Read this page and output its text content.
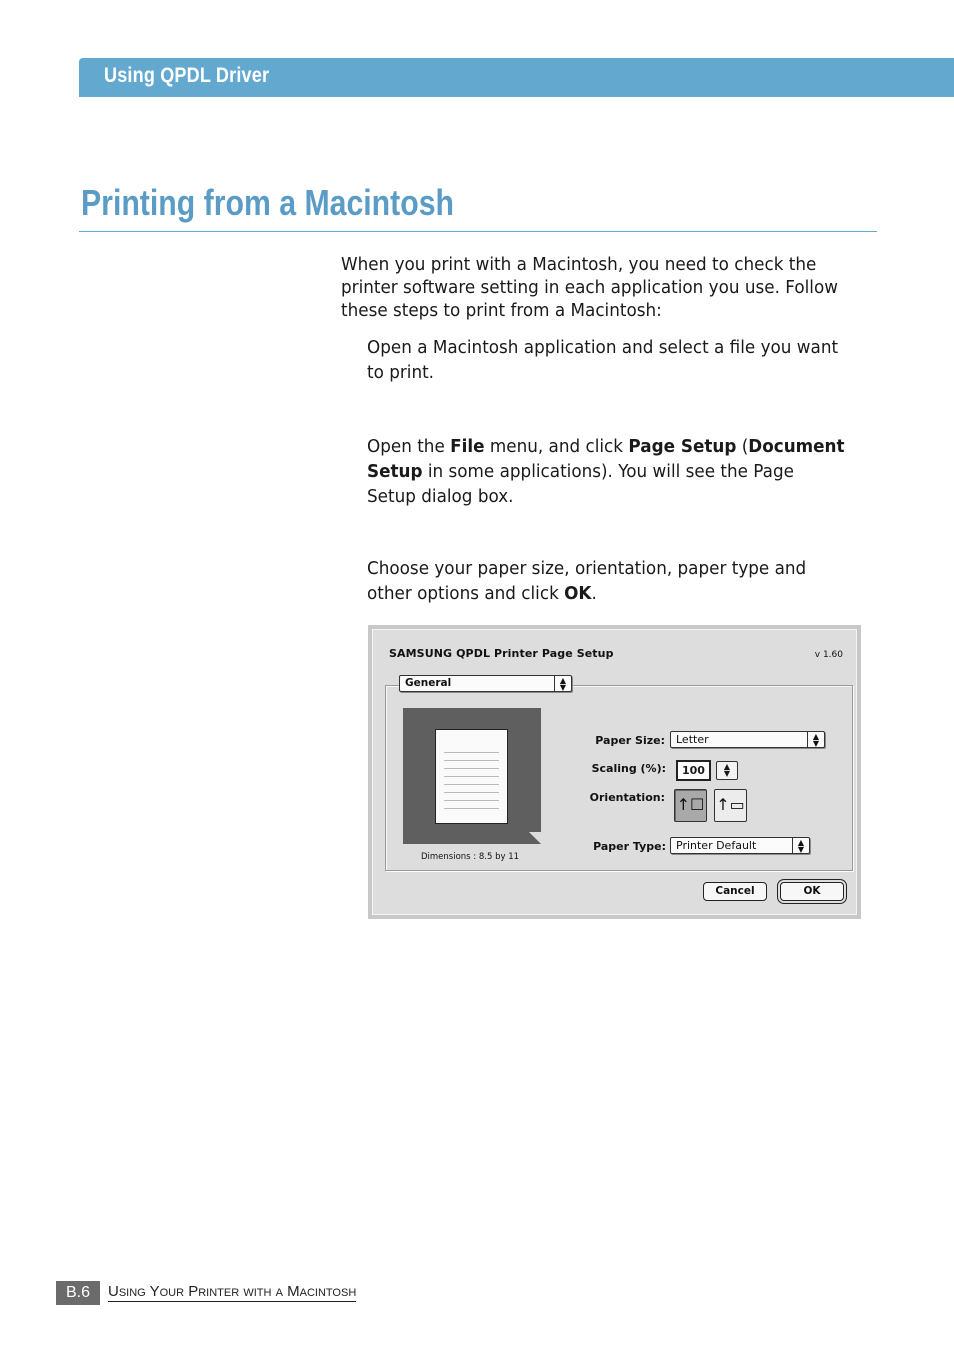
Using QPDL Driver
Printing from a Macintosh

When you print with a Macintosh, you need to check the printer software setting in each application you use. Follow these steps to print from a Macintosh:

Open a Macintosh application and select a file you want to print.

Open the File menu, and click Page Setup (Document Setup in some applications). You will see the Page Setup dialog box.

Choose your paper size, orientation, paper type and other options and click OK.

SAMSUNG QPDL Printer Page Setup	v 1.60
General	▲
▼
Dimensions : 8.5 by 11
Paper Size: Letter	▲
▼
Scaling (%):	100	▲
▼
Orientation: ↑☐ ↑▭
Paper Type: Printer Default	▲
▼
Cancel	OK
B.6	Using Your Printer with a Macintosh
